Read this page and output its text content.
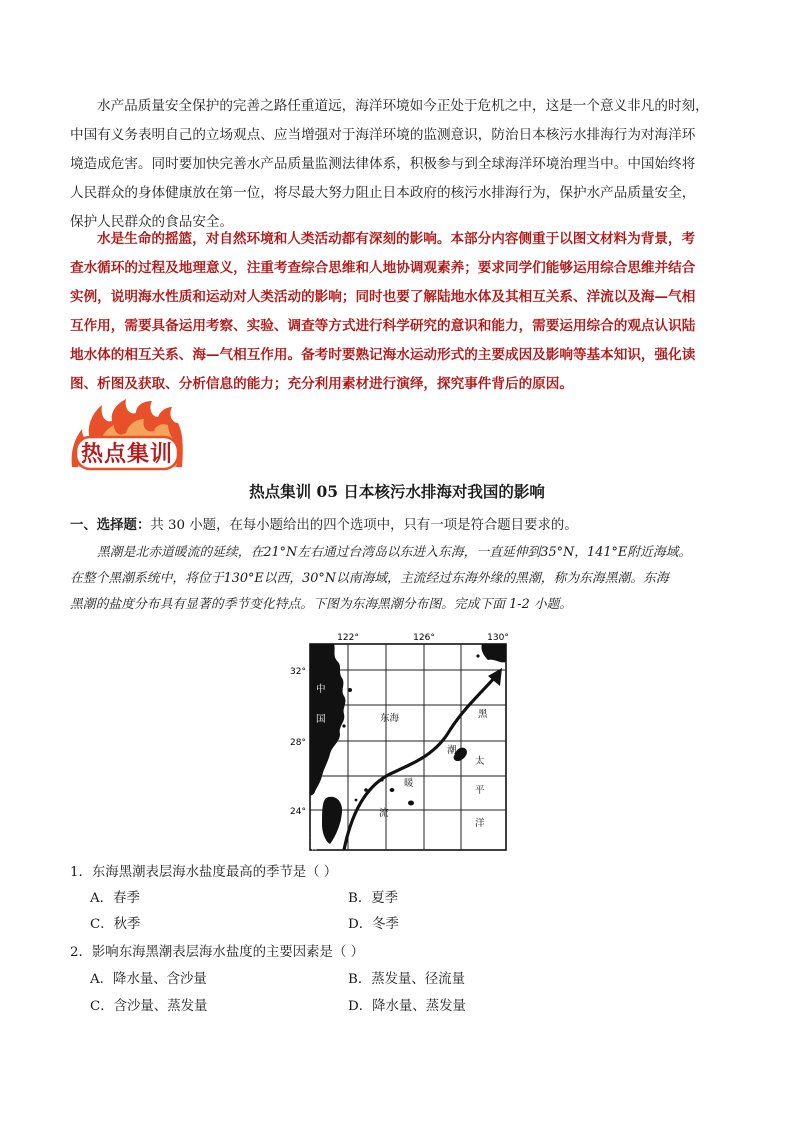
水产品质量安全保护的完善之路任重道远，海洋环境如今正处于危机之中，这是一个意义非凡的时刻，
中国有义务表明自己的立场观点、应当增强对于海洋环境的监测意识，防治日本核污水排海行为对海洋环
境造成危害。同时要加快完善水产品质量监测法律体系，积极参与到全球海洋环境治理当中。中国始终将
人民群众的身体健康放在第一位，将尽最大努力阻止日本政府的核污水排海行为，保护水产品质量安全，
保护人民群众的食品安全。
水是生命的摇篮，对自然环境和人类活动都有深刻的影响。本部分内容侧重于以图文材料为背景，考
查水循环的过程及地理意义，注重考查综合思维和人地协调观素养；要求同学们能够运用综合思维并结合
实例，说明海水性质和运动对人类活动的影响；同时也要了解陆地水体及其相互关系、洋流以及海—气相
互作用，需要具备运用考察、实验、调查等方式进行科学研究的意识和能力，需要运用综合的观点认识陆
地水体的相互关系、海—气相互作用。备考时要熟记海水运动形式的主要成因及影响等基本知识，强化读
图、析图及获取、分析信息的能力；充分利用素材进行演绎，探究事件背后的原因。
热点集训

热点集训 05 日本核污水排海对我国的影响

一、选择题：共 30 小题，在每小题给出的四个选项中，只有一项是符合题目要求的。

黑潮是北赤道暖流的延续，在21°N左右通过台湾岛以东进入东海，一直延伸到35°N，141°E附近海域。
在整个黑潮系统中，将位于130°E以西，30°N以南海域，主流经过东海外缘的黑潮，称为东海黑潮。东海
黑潮的盐度分布具有显著的季节变化特点。下图为东海黑潮分布图。完成下面 1-2 小题。
122°	126°	130°
32°
28°
24°
中
国	东海
台湾省
黑
潮
太
平
洋
暖
流

1．东海黑潮表层海水盐度最高的季节是（ ）

A．春季	B．夏季

C．秋季	D．冬季

2．影响东海黑潮表层海水盐度的主要因素是（ ）

A．降水量、含沙量	B．蒸发量、径流量

C．含沙量、蒸发量	D．降水量、蒸发量
